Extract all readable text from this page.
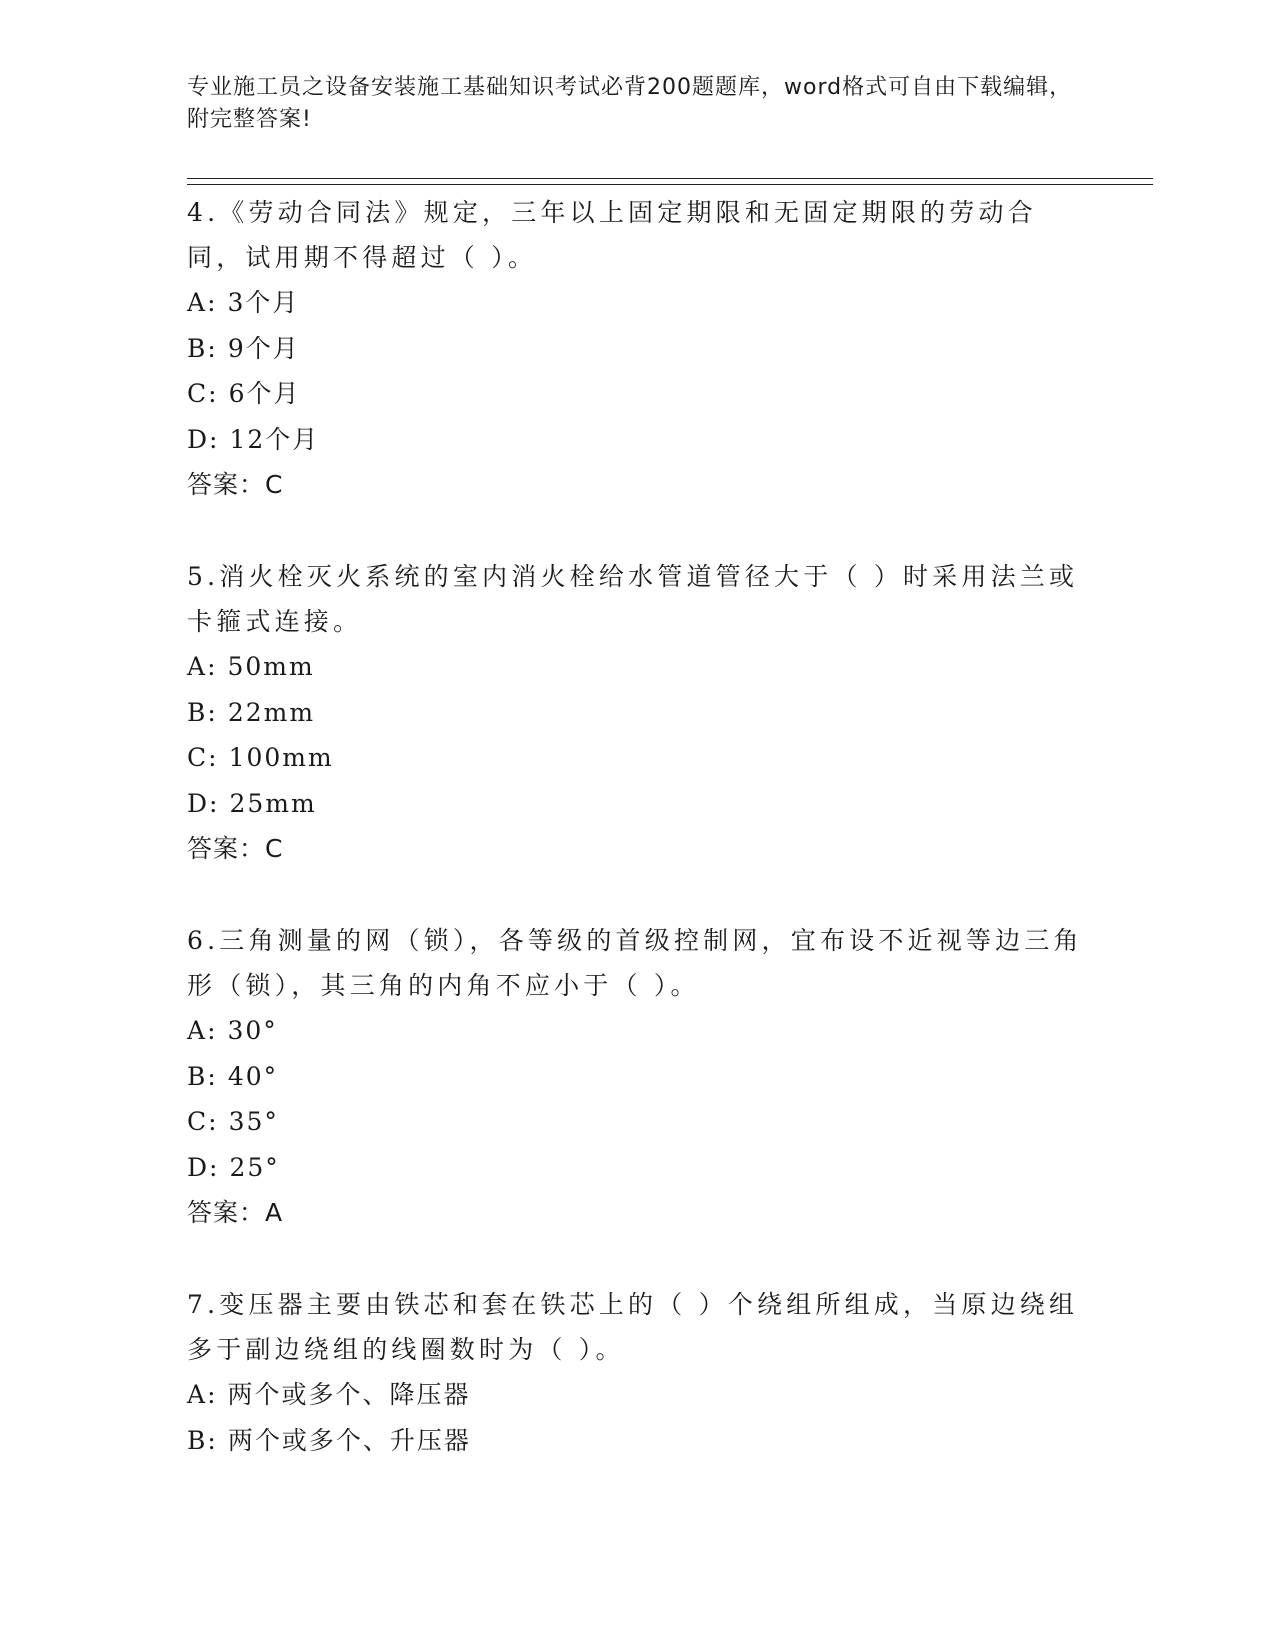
专业施工员之设备安装施工基础知识考试必背200题题库，word格式可自由下载编辑，附完整答案!

4.《劳动合同法》规定，三年以上固定期限和无固定期限的劳动合同，试用期不得超过（ ）。

A: 3个月
B: 9个月
C: 6个月
D: 12个月
答案：C

5.消火栓灭火系统的室内消火栓给水管道管径大于（ ）时采用法兰或卡箍式连接。

A: 50mm
B: 22mm
C: 100mm
D: 25mm
答案：C

6.三角测量的网（锁），各等级的首级控制网，宜布设不近视等边三角形（锁），其三角的内角不应小于（ ）。

A: 30°
B: 40°
C: 35°
D: 25°
答案：A

7.变压器主要由铁芯和套在铁芯上的（ ）个绕组所组成，当原边绕组多于副边绕组的线圈数时为（ ）。

A: 两个或多个、降压器
B: 两个或多个、升压器
